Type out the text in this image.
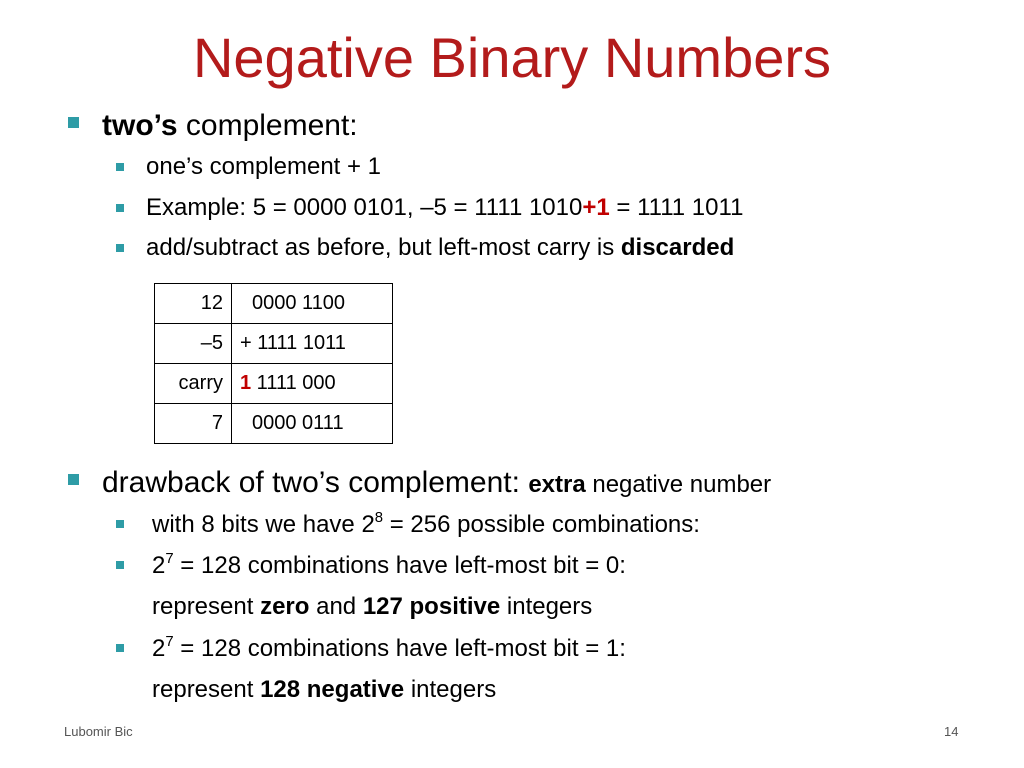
Negative Binary Numbers
two’s complement:
one’s complement + 1
Example: 5 = 0000 0101, –5 = 1111 1010+1 = 1111 1011
add/subtract as before, but left-most carry is discarded
12	0000 1100
–5	+ 1111 1011
carry	1 1111 000
7	0000 0111
drawback of two’s complement: extra negative number
with 8 bits we have $2^8 = 256$ possible combinations:
$2^7 = 128$ combinations have left-most bit = 0:
represent zero and 127 positive integers
$2^7 = 128$ combinations have left-most bit = 1:
represent 128 negative integers
Lubomir Bic	14
